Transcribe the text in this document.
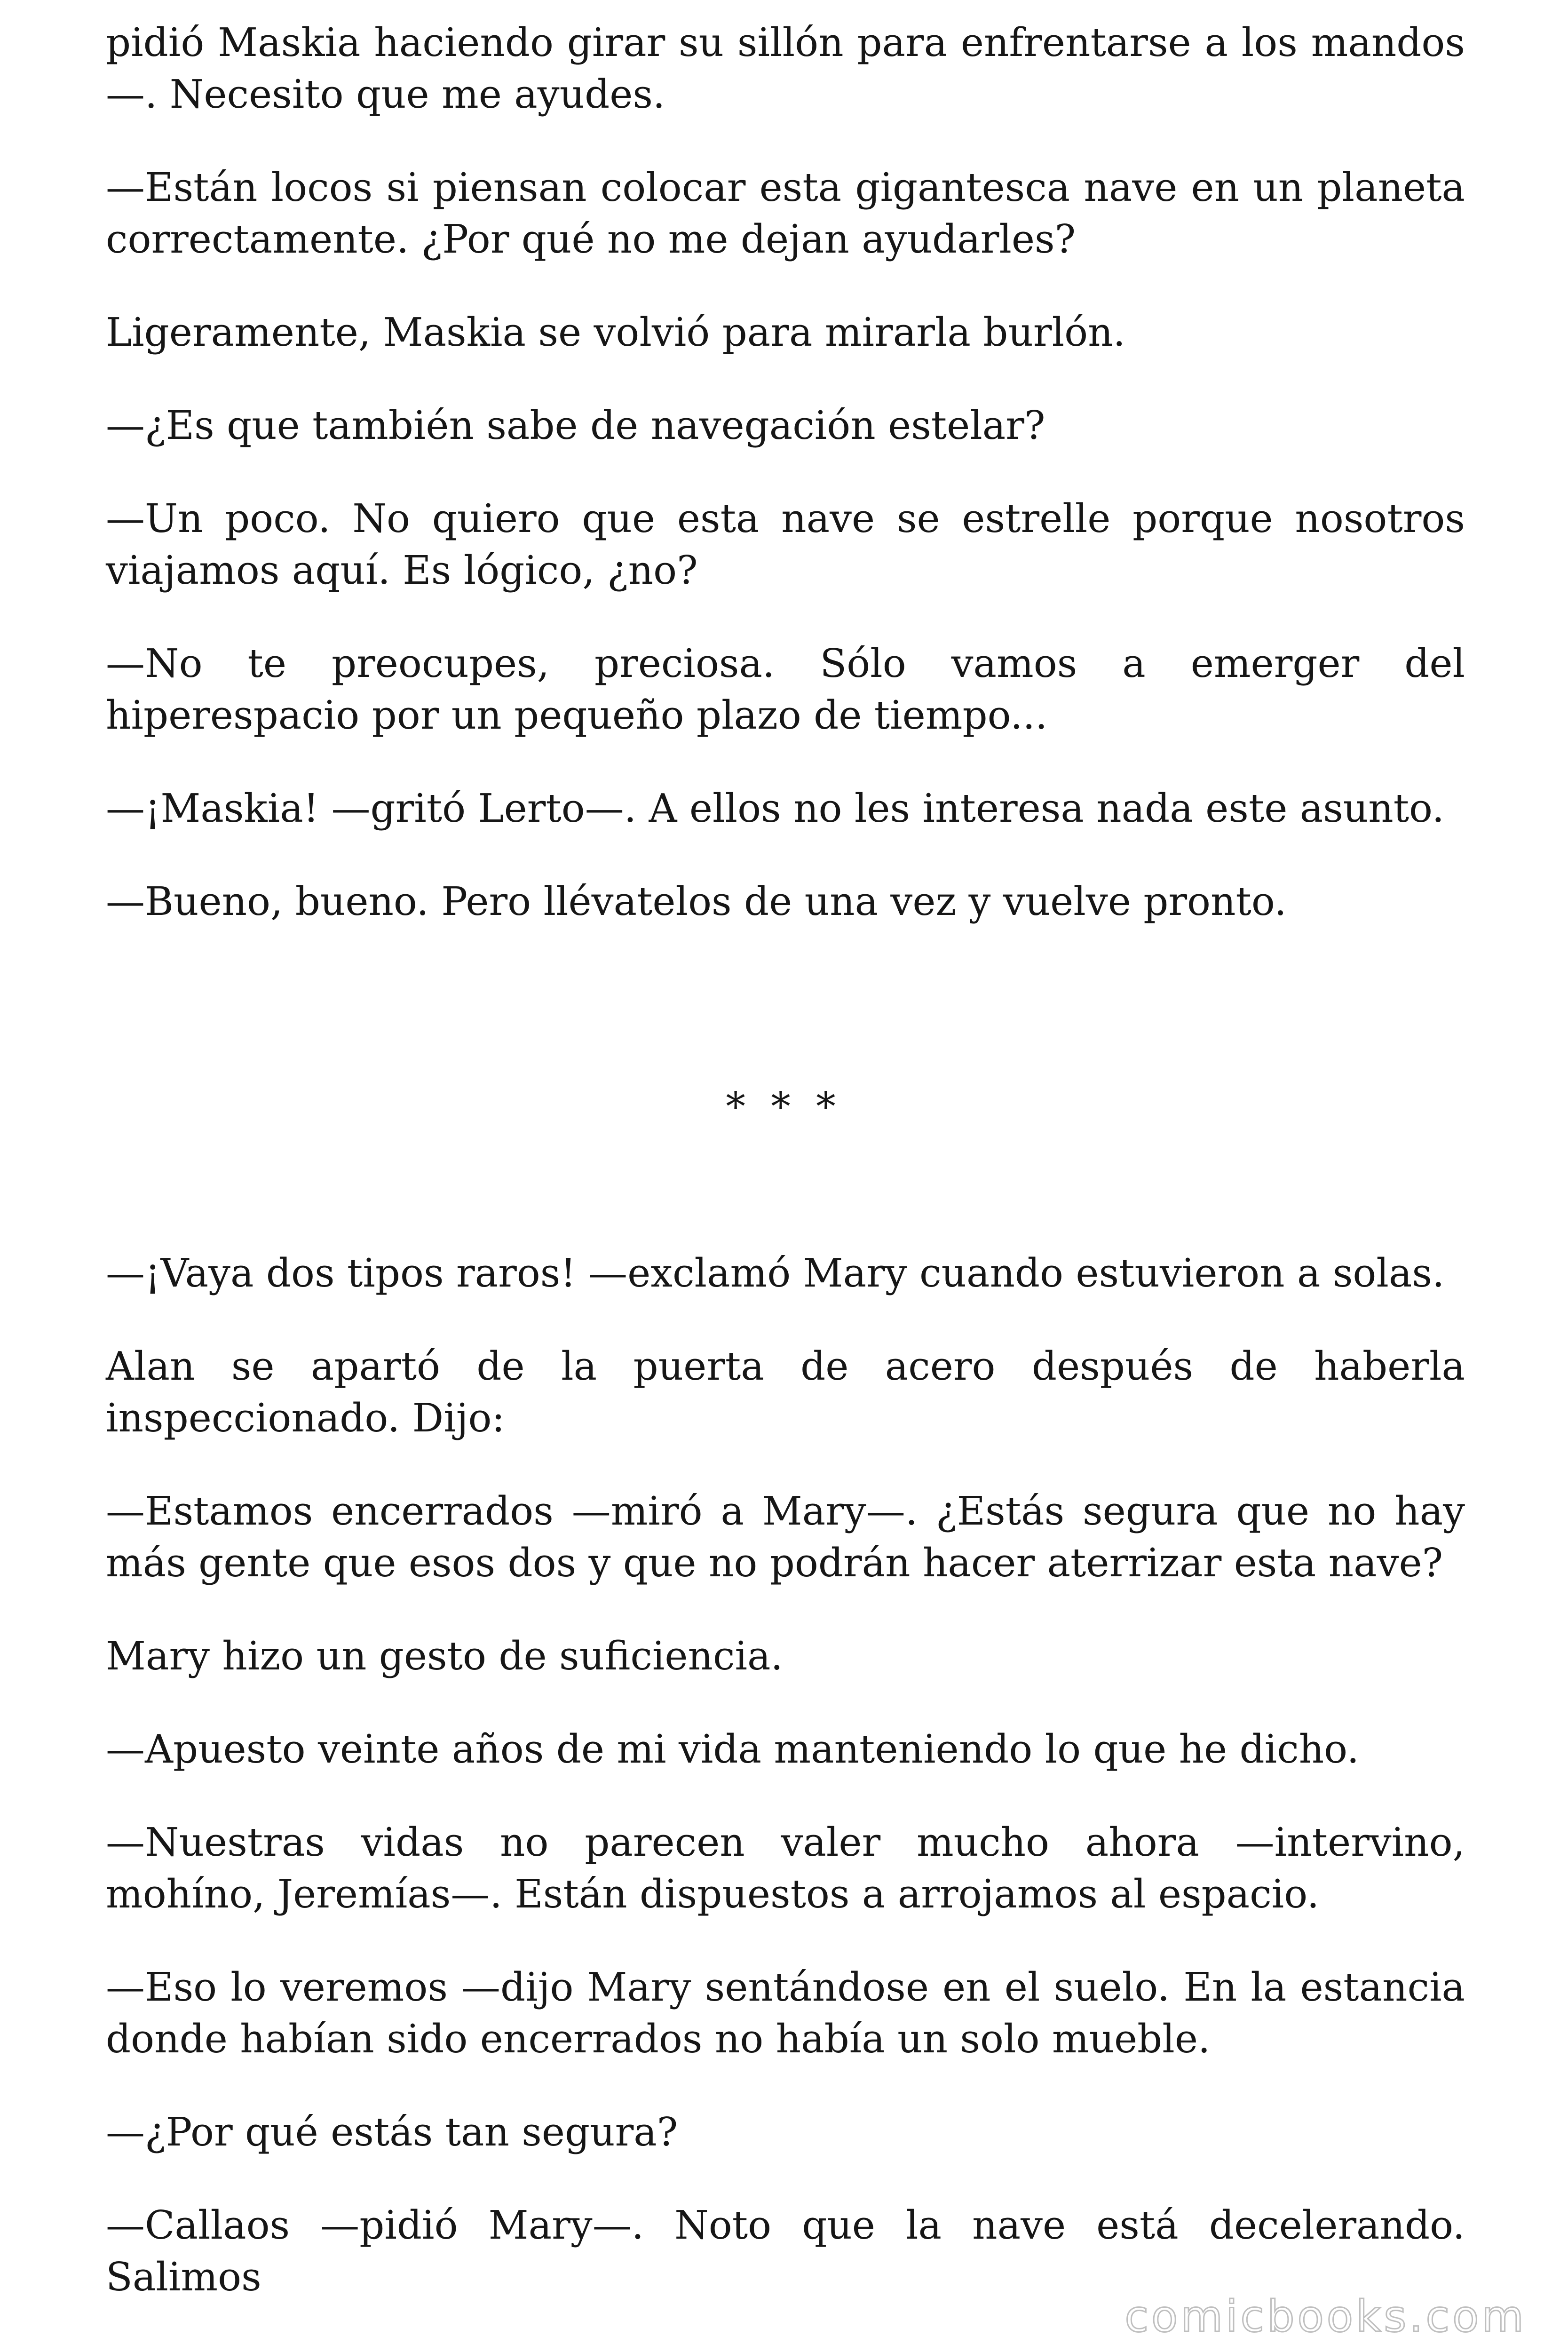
pidió Maskia haciendo girar su sillón para enfrentarse a los mandos—. Necesito que me ayudes.

—Están locos si piensan colocar esta gigantesca nave en un planeta correctamente. ¿Por qué no me dejan ayudarles?

Ligeramente, Maskia se volvió para mirarla burlón.

—¿Es que también sabe de navegación estelar?

—Un poco. No quiero que esta nave se estrelle porque nosotros viajamos aquí. Es lógico, ¿no?

—No te preocupes, preciosa. Sólo vamos a emerger del hiperespacio por un pequeño plazo de tiempo...

—¡Maskia! —gritó Lerto—. A ellos no les interesa nada este asunto.

—Bueno, bueno. Pero llévatelos de una vez y vuelve pronto.

* * *

—¡Vaya dos tipos raros! —exclamó Mary cuando estuvieron a solas.

Alan se apartó de la puerta de acero después de haberla inspeccionado. Dijo:

—Estamos encerrados —miró a Mary—. ¿Estás segura que no hay más gente que esos dos y que no podrán hacer aterrizar esta nave?

Mary hizo un gesto de suficiencia.

—Apuesto veinte años de mi vida manteniendo lo que he dicho.

—Nuestras vidas no parecen valer mucho ahora —intervino, mohíno, Jeremías—. Están dispuestos a arrojamos al espacio.

—Eso lo veremos —dijo Mary sentándose en el suelo. En la estancia donde habían sido encerrados no había un solo mueble.

—¿Por qué estás tan segura?

—Callaos —pidió Mary—. Noto que la nave está decelerando. Salimos

comicbooks.com
